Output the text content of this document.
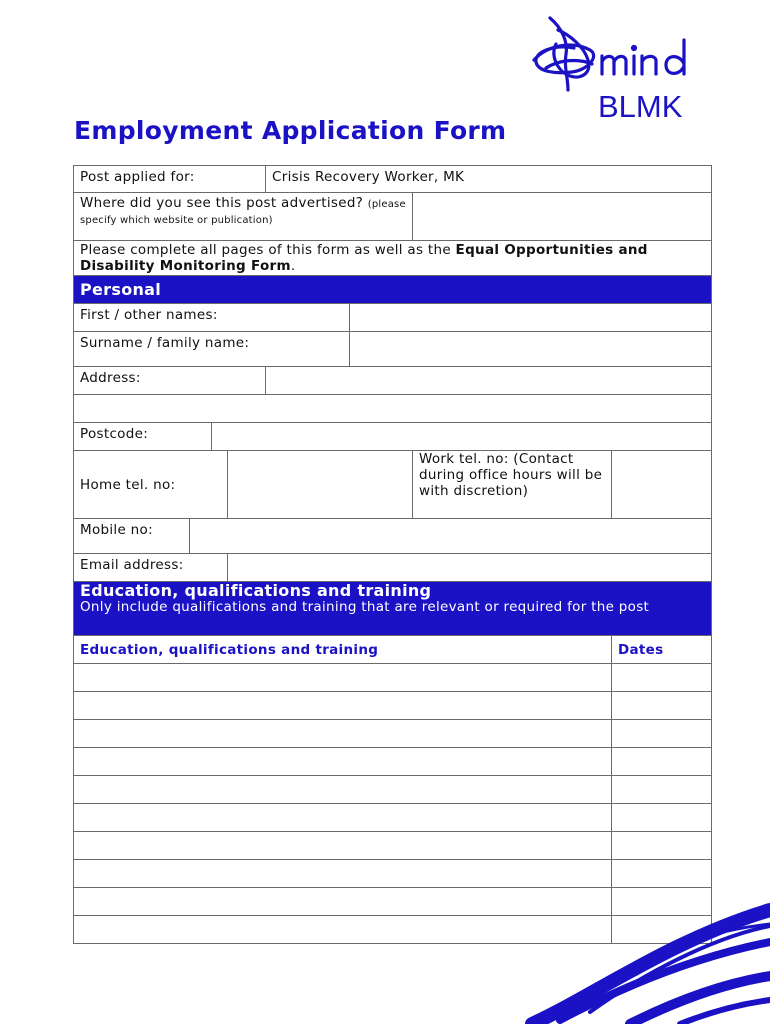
BLMK
Employment Application Form
Post applied for:				Crisis Recovery Worker, MK			
Where did you see this post advertised? (please specify which website or publication)							
Please complete all pages of this form as well as the Equal Opportunities and Disability Monitoring Form.							
Personal							
First / other names:							
Surname / family name:							
Address:							

Postcode:							
Home tel. no:						Work tel. no: (Contact during office hours will be with discretion)	
Mobile no:							
Email address:							
Education, qualifications and training
Only include qualifications and training that are relevant or required for the post							

Education, qualifications and training							Dates
